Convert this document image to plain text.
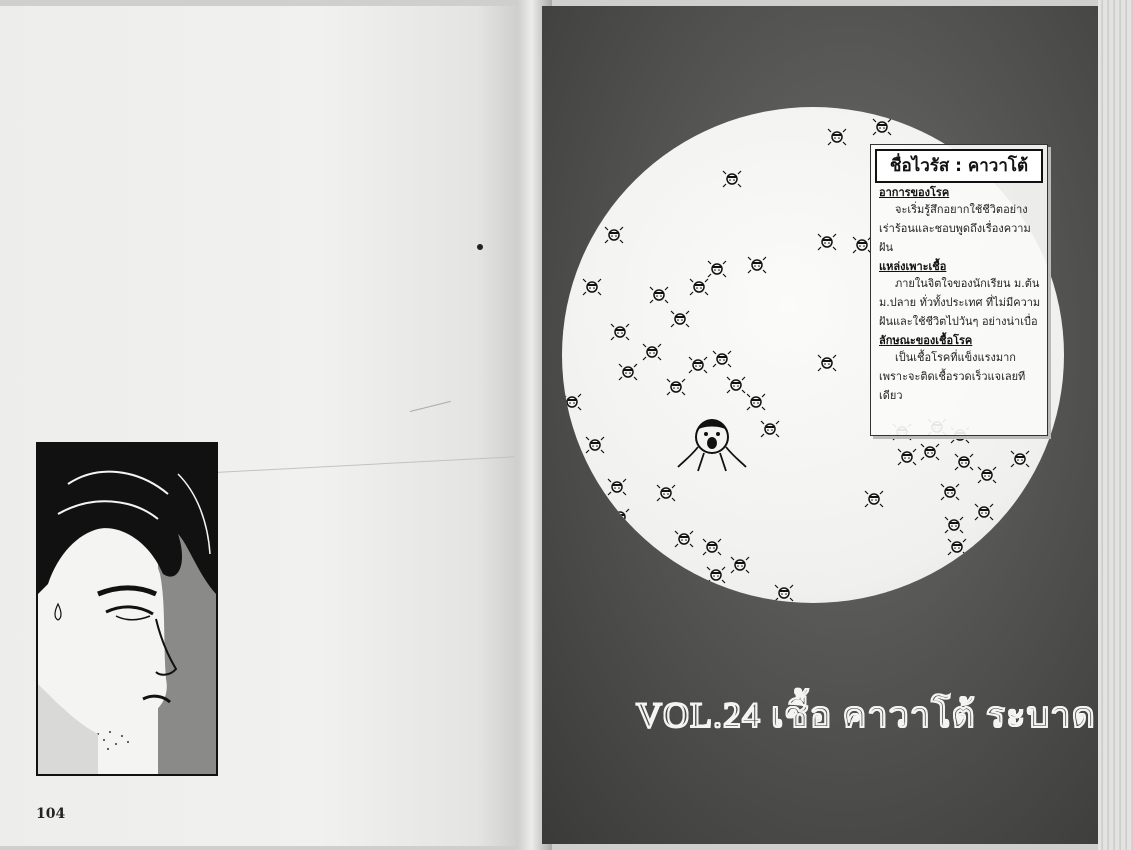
104
ชื่อไวรัส : คาวาโต้
อาการของโรค
จะเริ่มรู้สึกอยากใช้ชีวิตอย่างเร่าร้อนและชอบพูดถึงเรื่องความฝัน
แหล่งเพาะเชื้อ
ภายในจิตใจของนักเรียน ม.ต้น ม.ปลาย ทั่วทั้งประเทศ ที่ไม่มีความฝันและใช้ชีวิตไปวันๆ อย่างน่าเบื่อ
ลักษณะของเชื้อโรค
เป็นเชื้อโรคที่แข็งแรงมาก เพราะจะติดเชื้อรวดเร็วแจเลยทีเดียว
VOL.24 เชื้อ คาวาโต้ ระบาด
